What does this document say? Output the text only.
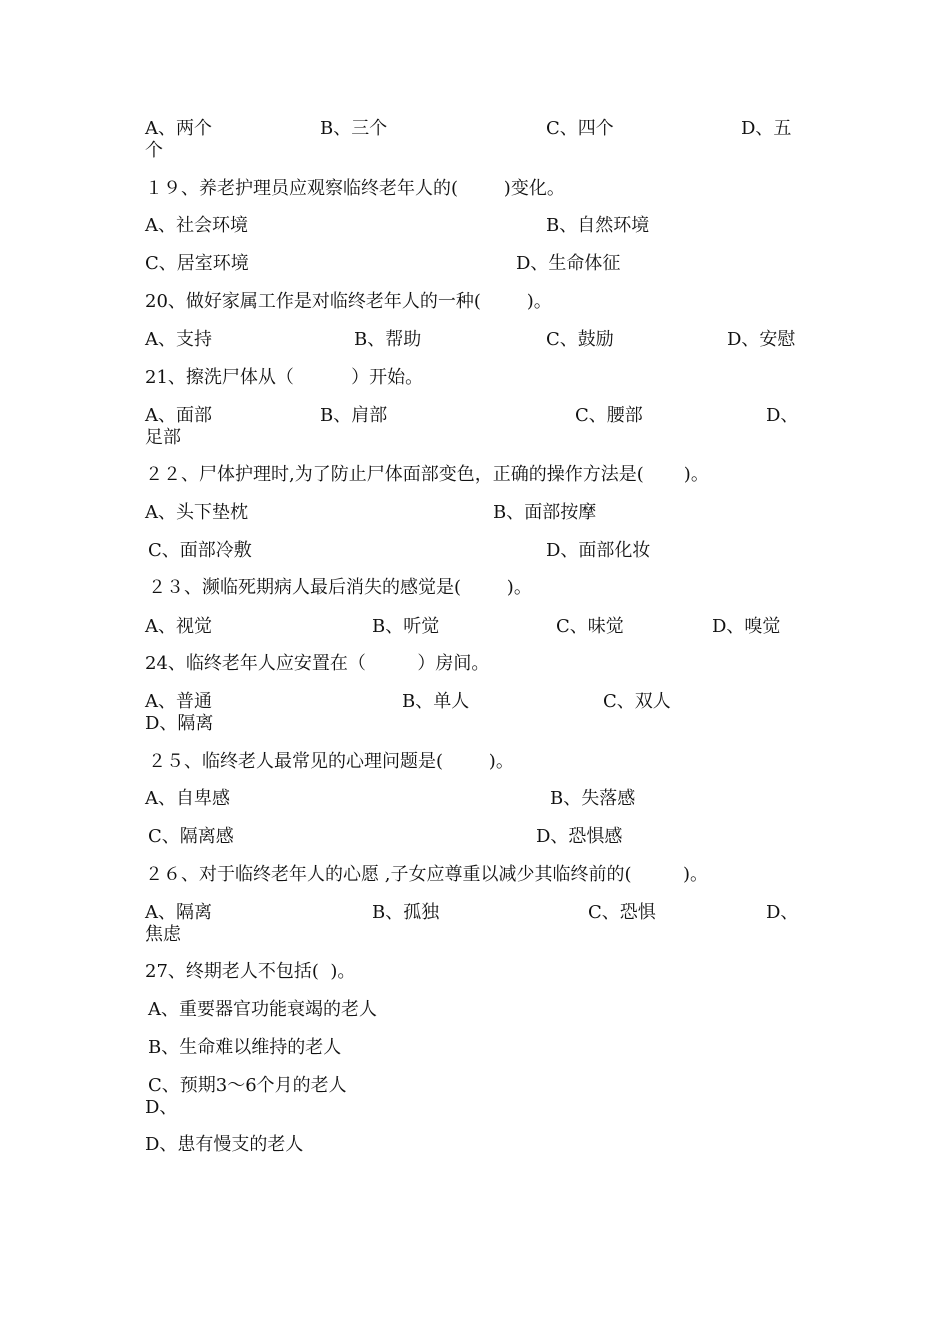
A、两个	B、三个	C、四个	D、五
个
１９、养老护理员应观察临终老年人的(        )变化。
A、社会环境	B、自然环境
C、居室环境	D、生命体征
20、做好家属工作是对临终老年人的一种(        )。
A、支持	B、帮助	C、鼓励	D、安慰
21、擦洗尸体从（          ）开始。
A、面部	B、肩部	C、腰部	D、
足部
２２、尸体护理时,为了防止尸体面部变色，正确的操作方法是(       )。
A、头下垫枕	B、面部按摩
C、面部冷敷	D、面部化妆
２３、濒临死期病人最后消失的感觉是(        )。
A、视觉	B、听觉	C、味觉	D、嗅觉
24、临终老年人应安置在（         ）房间。
A、普通	B、单人	C、双人
D、隔离
２５、临终老人最常见的心理问题是(        )。
A、自卑感	B、失落感
C、隔离感	D、恐惧感
２６、对于临终老年人的心愿 ,子女应尊重以减少其临终前的(         )。
A、隔离	B、孤独	C、恐惧	D、
焦虑
27、终期老人不包括(  )。
A、重要器官功能衰竭的老人
B、生命难以维持的老人
C、预期3～6个月的老人
D、
D、患有慢支的老人
